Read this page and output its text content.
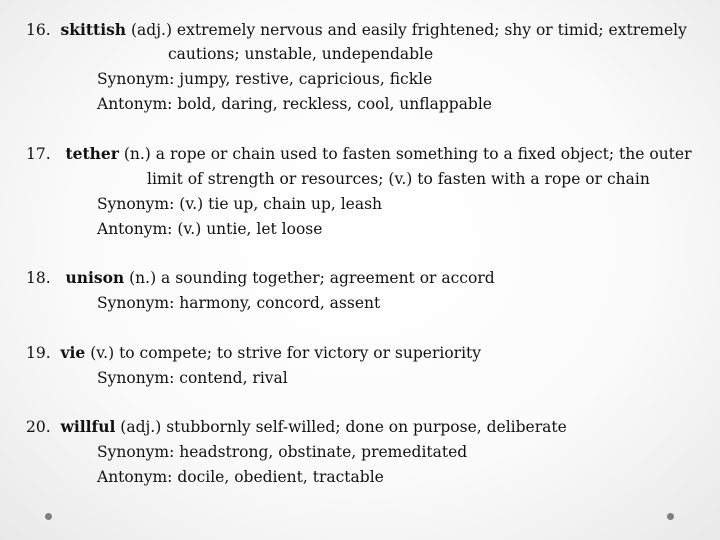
16. skittish (adj.) extremely nervous and easily frightened; shy or timid; extremely
cautions; unstable, undependable
Synonym: jumpy, restive, capricious, fickle
Antonym: bold, daring, reckless, cool, unflappable
17. tether (n.) a rope or chain used to fasten something to a fixed object; the outer
limit of strength or resources; (v.) to fasten with a rope or chain
Synonym: (v.) tie up, chain up, leash
Antonym: (v.) untie, let loose
18. unison (n.) a sounding together; agreement or accord
Synonym: harmony, concord, assent
19. vie (v.) to compete; to strive for victory or superiority
Synonym: contend, rival
20. willful (adj.) stubbornly self-willed; done on purpose, deliberate
Synonym: headstrong, obstinate, premeditated
Antonym: docile, obedient, tractable
